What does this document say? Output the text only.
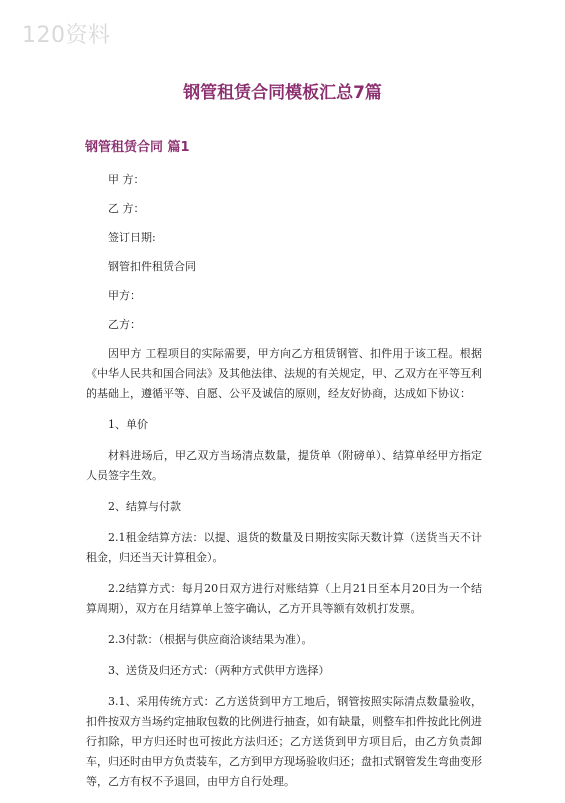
120资料
钢管租赁合同模板汇总7篇
钢管租赁合同 篇1

甲 方：

乙 方：

签订日期:

钢管扣件租赁合同

甲方：

乙方：

因甲方 工程项目的实际需要，甲方向乙方租赁钢管、扣件用于该工程。根据《中华人民共和国合同法》及其他法律、法规的有关规定，甲、乙双方在平等互利的基础上，遵循平等、自愿、公平及诚信的原则，经友好协商，达成如下协议：

1、单价

材料进场后，甲乙双方当场清点数量，提货单（附磅单）、结算单经甲方指定人员签字生效。

2、结算与付款

2.1租金结算方法：以提、退货的数量及日期按实际天数计算（送货当天不计租金，归还当天计算租金）。

2.2结算方式：每月20日双方进行对账结算（上月21日至本月20日为一个结算周期），双方在月结算单上签字确认，乙方开具等额有效机打发票。

2.3付款：（根据与供应商洽谈结果为准）。

3、送货及归还方式：（两种方式供甲方选择）

3.1、采用传统方式：乙方送货到甲方工地后，钢管按照实际清点数量验收，扣件按双方当场约定抽取包数的比例进行抽查，如有缺量，则整车扣件按此比例进行扣除，甲方归还时也可按此方法归还；乙方送货到甲方项目后，由乙方负责卸车，归还时由甲方负责装车，乙方到甲方现场验收归还；盘扣式钢管发生弯曲变形等，乙方有权不予退回，由甲方自行处理。
